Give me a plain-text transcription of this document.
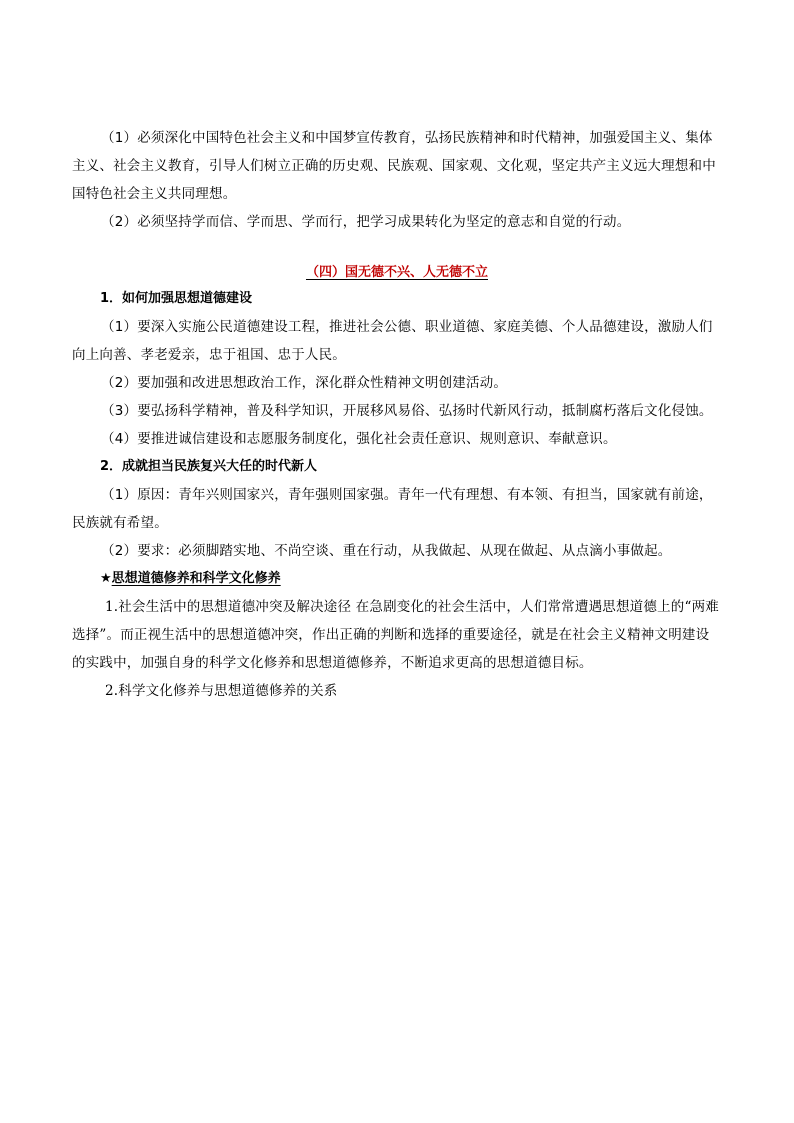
（1）必须深化中国特色社会主义和中国梦宣传教育，弘扬民族精神和时代精神，加强爱国主义、集体主义、社会主义教育，引导人们树立正确的历史观、民族观、国家观、文化观，坚定共产主义远大理想和中国特色社会主义共同理想。

（2）必须坚持学而信、学而思、学而行，把学习成果转化为坚定的意志和自觉的行动。

（四）国无德不兴、人无德不立

1．如何加强思想道德建设

（1）要深入实施公民道德建设工程，推进社会公德、职业道德、家庭美德、个人品德建设，激励人们向上向善、孝老爱亲，忠于祖国、忠于人民。

（2）要加强和改进思想政治工作，深化群众性精神文明创建活动。

（3）要弘扬科学精神，普及科学知识，开展移风易俗、弘扬时代新风行动，抵制腐朽落后文化侵蚀。

（4）要推进诚信建设和志愿服务制度化，强化社会责任意识、规则意识、奉献意识。

2．成就担当民族复兴大任的时代新人

（1）原因：青年兴则国家兴，青年强则国家强。青年一代有理想、有本领、有担当，国家就有前途，民族就有希望。

（2）要求：必须脚踏实地、不尚空谈、重在行动，从我做起、从现在做起、从点滴小事做起。

★思想道德修养和科学文化修养

1.社会生活中的思想道德冲突及解决途径 在急剧变化的社会生活中，人们常常遭遇思想道德上的“两难选择”。而正视生活中的思想道德冲突，作出正确的判断和选择的重要途径，就是在社会主义精神文明建设的实践中，加强自身的科学文化修养和思想道德修养，不断追求更高的思想道德目标。

2.科学文化修养与思想道德修养的关系
